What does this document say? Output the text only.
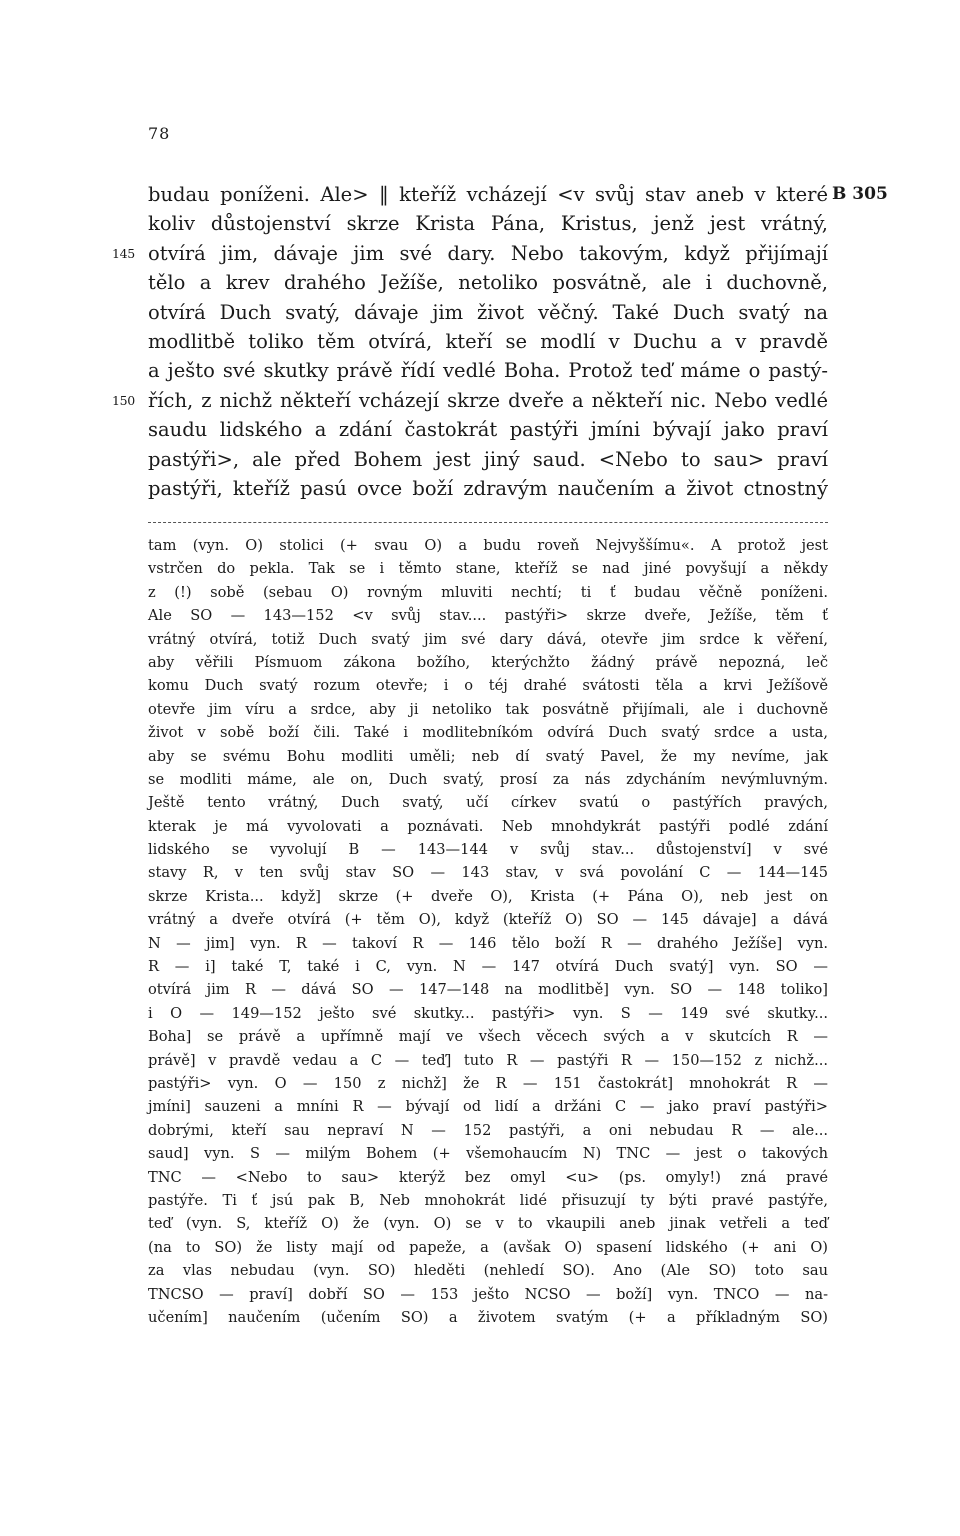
78
budau poníženi. Ale> ‖ kteříž vcházejí <v svůj stav aneb v které B 305
koliv důstojenství skrze Krista Pána, Kristus, jenž jest vrátný,
145 otvírá jim, dávaje jim své dary. Nebo takovým, když přijímají
tělo a krev drahého Ježíše, netoliko posvátně, ale i duchovně,
otvírá Duch svatý, dávaje jim život věčný. Také Duch svatý na
modlitbě toliko těm otvírá, kteří se modlí v Duchu a v pravdě
a ješto své skutky právě řídí vedlé Boha. Protož teď máme o pastý-
150 řích, z nichž někteří vcházejí skrze dveře a někteří nic. Nebo vedlé
saudu lidského a zdání častokrát pastýři jmíni bývají jako praví
pastýři>, ale před Bohem jest jiný saud. <Nebo to sau> praví
pastýři, kteříž pasú ovce boží zdravým naučením a život ctnostný
tam (vyn. O) stolici (+ svau O) a budu roveň Nejvyššímu«. A protož jest
vstrčen do pekla. Tak se i těmto stane, kteříž se nad jiné povyšují a někdy
z (!) sobě (sebau O) rovným mluviti nechtí; ti ť budau věčně poníženi.
Ale SO — 143—152 <v svůj stav.... pastýři> skrze dveře, Ježíše, těm ť
vrátný otvírá, totiž Duch svatý jim své dary dává, otevře jim srdce k věření,
aby věřili Písmuom zákona božího, kterýchžto žádný právě nepozná, leč
komu Duch svatý rozum otevře; i o téj drahé svátosti těla a krvi Ježíšově
otevře jim víru a srdce, aby ji netoliko tak posvátně přijímali, ale i duchovně
život v sobě boží čili. Také i modlitebníkóm odvírá Duch svatý srdce a usta,
aby se svému Bohu modliti uměli; neb dí svatý Pavel, že my nevíme, jak
se modliti máme, ale on, Duch svatý, prosí za nás zdycháním nevýmluvným.
Ještě tento vrátný, Duch svatý, učí církev svatú o pastýřích pravých,
kterak je má vyvolovati a poznávati. Neb mnohdykrát pastýři podlé zdání
lidského se vyvolují B — 143—144 v svůj stav... důstojenství] v své
stavy R, v ten svůj stav SO — 143 stav, v svá povolání C — 144—145
skrze Krista... když] skrze (+ dveře O), Krista (+ Pána O), neb jest on
vrátný a dveře otvírá (+ těm O), když (kteříž O) SO — 145 dávaje] a dává
N — jim] vyn. R — takoví R — 146 tělo boží R — drahého Ježíše] vyn.
R — i] také T, také i C, vyn. N — 147 otvírá Duch svatý] vyn. SO —
otvírá jim R — dává SO — 147—148 na modlitbě] vyn. SO — 148 toliko]
i O — 149—152 ješto své skutky... pastýři> vyn. S — 149 své skutky...
Boha] se právě a upřímně mají ve všech věcech svých a v skutcích R —
právě] v pravdě vedau a C — teď] tuto R — pastýři R — 150—152 z nichž...
pastýři> vyn. O — 150 z nichž] že R — 151 častokrát] mnohokrát R —
jmíni] sauzeni a mníni R — bývají od lidí a držáni C — jako praví pastýři>
dobrými, kteří sau nepraví N — 152 pastýři, a oni nebudau R — ale...
saud] vyn. S — milým Bohem (+ všemohaucím N) TNC — jest o takových
TNC — <Nebo to sau> kterýž bez omyl <u> (ps. omyly!) zná pravé
pastýře. Ti ť jsú pak B, Neb mnohokrát lidé přisuzují ty býti pravé pastýře,
teď (vyn. S, kteříž O) že (vyn. O) se v to vkaupili aneb jinak vetřeli a teď
(na to SO) že listy mají od papeže, a (avšak O) spasení lidského (+ ani O)
za vlas nebudau (vyn. SO) hleděti (nehledí SO). Ano (Ale SO) toto sau
TNCSO — praví] dobří SO — 153 ješto NCSO — boží] vyn. TNCO — na-
učením] naučením (učením SO) a životem svatým (+ a příkladným SO)
